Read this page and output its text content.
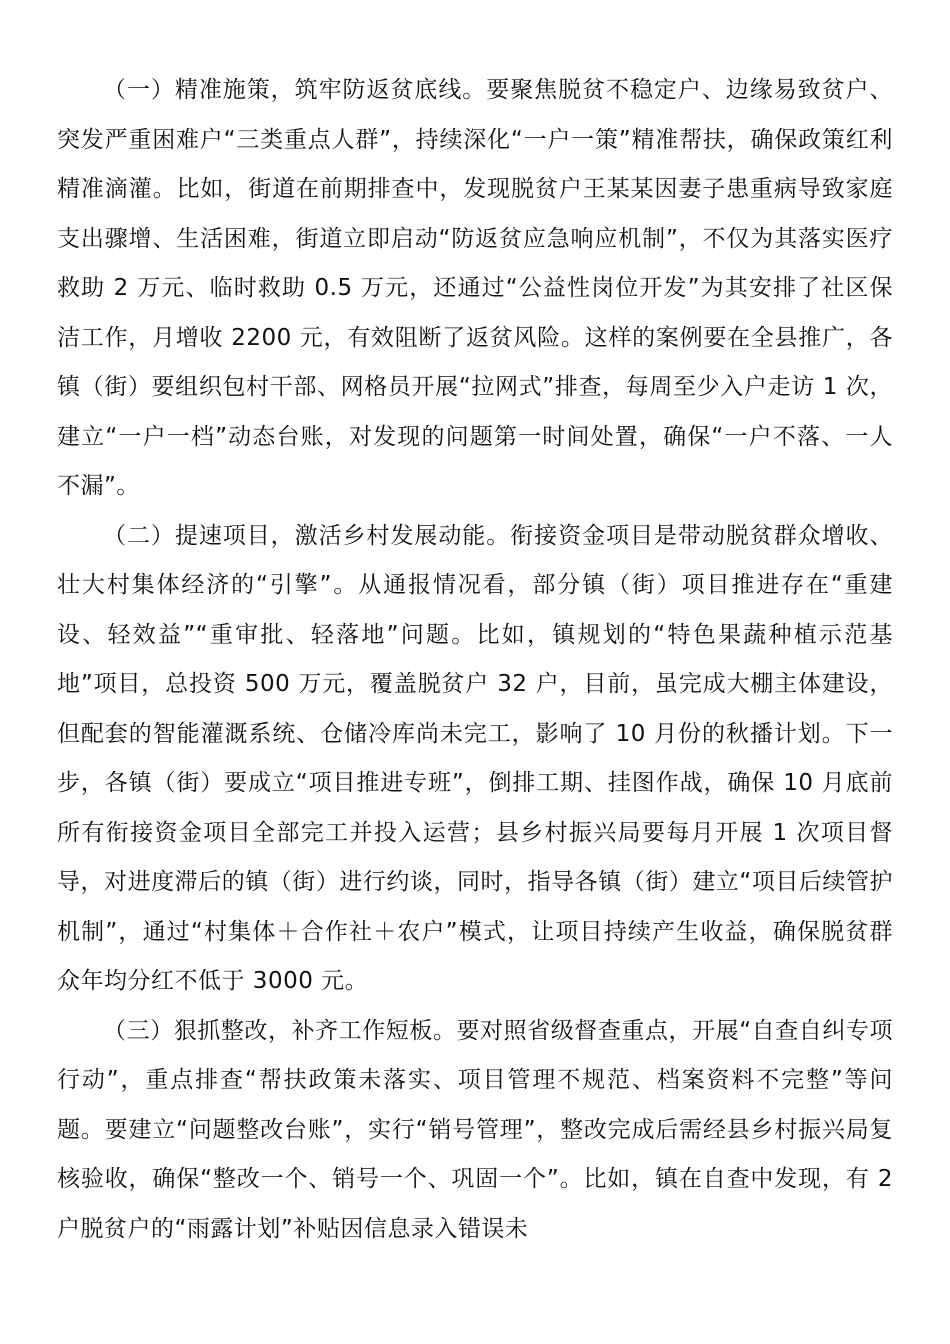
（一）精准施策，筑牢防返贫底线。要聚焦脱贫不稳定户、边缘易致贫户、突发严重困难户“三类重点人群”，持续深化“一户一策”精准帮扶，确保政策红利精准滴灌。比如，街道在前期排查中，发现脱贫户王某某因妻子患重病导致家庭支出骤增、生活困难，街道立即启动“防返贫应急响应机制”，不仅为其落实医疗救助 2 万元、临时救助 0.5 万元，还通过“公益性岗位开发”为其安排了社区保洁工作，月增收 2200 元，有效阻断了返贫风险。这样的案例要在全县推广，各镇（街）要组织包村干部、网格员开展“拉网式”排查，每周至少入户走访 1 次，建立“一户一档”动态台账，对发现的问题第一时间处置，确保“一户不落、一人不漏”。

（二）提速项目，激活乡村发展动能。衔接资金项目是带动脱贫群众增收、壮大村集体经济的“引擎”。从通报情况看，部分镇（街）项目推进存在“重建设、轻效益”“重审批、轻落地”问题。比如，镇规划的“特色果蔬种植示范基地”项目，总投资 500 万元，覆盖脱贫户 32 户，目前，虽完成大棚主体建设，但配套的智能灌溉系统、仓储冷库尚未完工，影响了 10 月份的秋播计划。下一步，各镇（街）要成立“项目推进专班”，倒排工期、挂图作战，确保 10 月底前所有衔接资金项目全部完工并投入运营；县乡村振兴局要每月开展 1 次项目督导，对进度滞后的镇（街）进行约谈，同时，指导各镇（街）建立“项目后续管护机制”，通过“村集体＋合作社＋农户”模式，让项目持续产生收益，确保脱贫群众年均分红不低于 3000 元。

（三）狠抓整改，补齐工作短板。要对照省级督查重点，开展“自查自纠专项行动”，重点排查“帮扶政策未落实、项目管理不规范、档案资料不完整”等问题。要建立“问题整改台账”，实行“销号管理”，整改完成后需经县乡村振兴局复核验收，确保“整改一个、销号一个、巩固一个”。比如，镇在自查中发现，有 2 户脱贫户的“雨露计划”补贴因信息录入错误未
